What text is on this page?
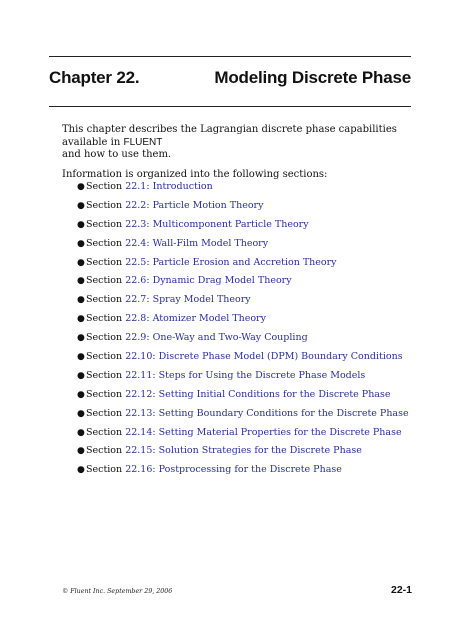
Chapter 22.	Modeling Discrete Phase

This chapter describes the Lagrangian discrete phase capabilities available in FLUENT
and how to use them.

Information is organized into the following sections:

●Section 22.1: Introduction
●Section 22.2: Particle Motion Theory
●Section 22.3: Multicomponent Particle Theory
●Section 22.4: Wall-Film Model Theory
●Section 22.5: Particle Erosion and Accretion Theory
●Section 22.6: Dynamic Drag Model Theory
●Section 22.7: Spray Model Theory
●Section 22.8: Atomizer Model Theory
●Section 22.9: One-Way and Two-Way Coupling
●Section 22.10: Discrete Phase Model (DPM) Boundary Conditions
●Section 22.11: Steps for Using the Discrete Phase Models
●Section 22.12: Setting Initial Conditions for the Discrete Phase
●Section 22.13: Setting Boundary Conditions for the Discrete Phase
●Section 22.14: Setting Material Properties for the Discrete Phase
●Section 22.15: Solution Strategies for the Discrete Phase
●Section 22.16: Postprocessing for the Discrete Phase
© Fluent Inc. September 29, 2006	22-1
